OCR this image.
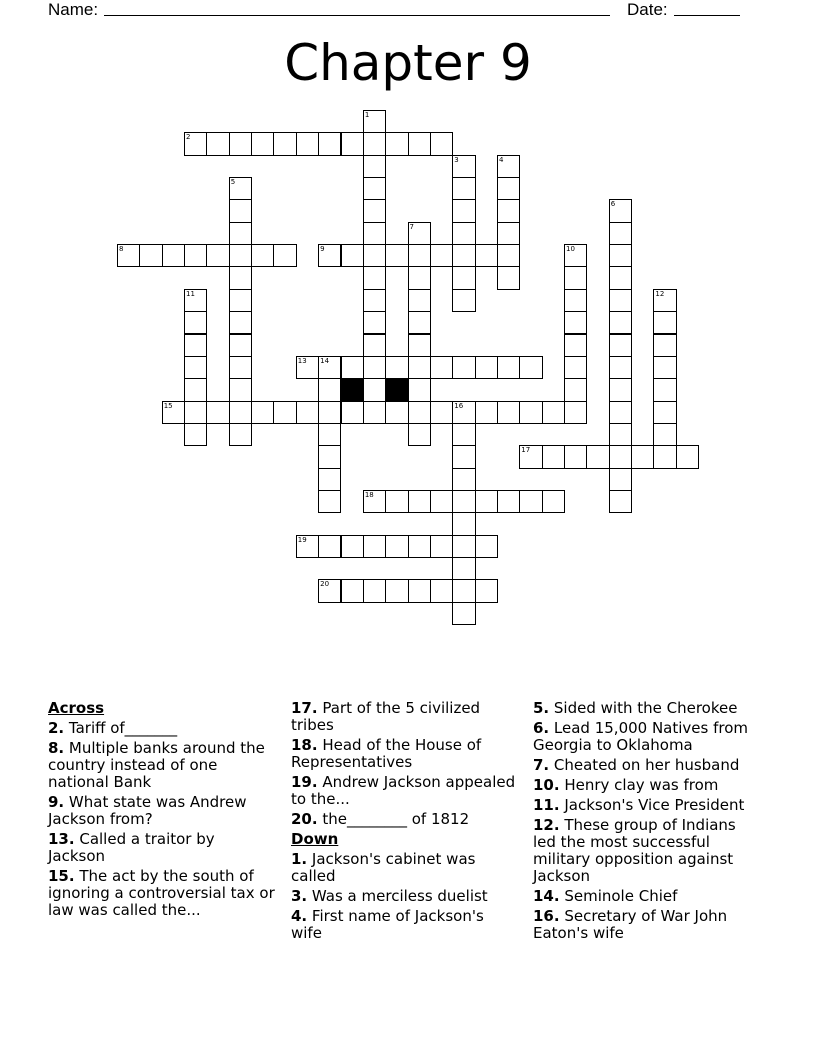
Name:	Date:
Chapter 9
2
8	9
13
15
17
18
19
20
1
3	4
5
6
7
10
11	12
14
16
Across
2. Tariff of_______
8. Multiple banks around the country instead of one national Bank
9. What state was Andrew Jackson from?
13. Called a traitor by Jackson
15. The act by the south of ignoring a controversial tax or law was called the...
17. Part of the 5 civilized tribes
18. Head of the House of Representatives
19. Andrew Jackson appealed to the...
20. the________ of 1812
Down
1. Jackson's cabinet was called
3. Was a merciless duelist
4. First name of Jackson's wife
5. Sided with the Cherokee
6. Lead 15,000 Natives from Georgia to Oklahoma
7. Cheated on her husband
10. Henry clay was from
11. Jackson's Vice President
12. These group of Indians led the most successful military opposition against Jackson
14. Seminole Chief
16. Secretary of War John Eaton's wife
